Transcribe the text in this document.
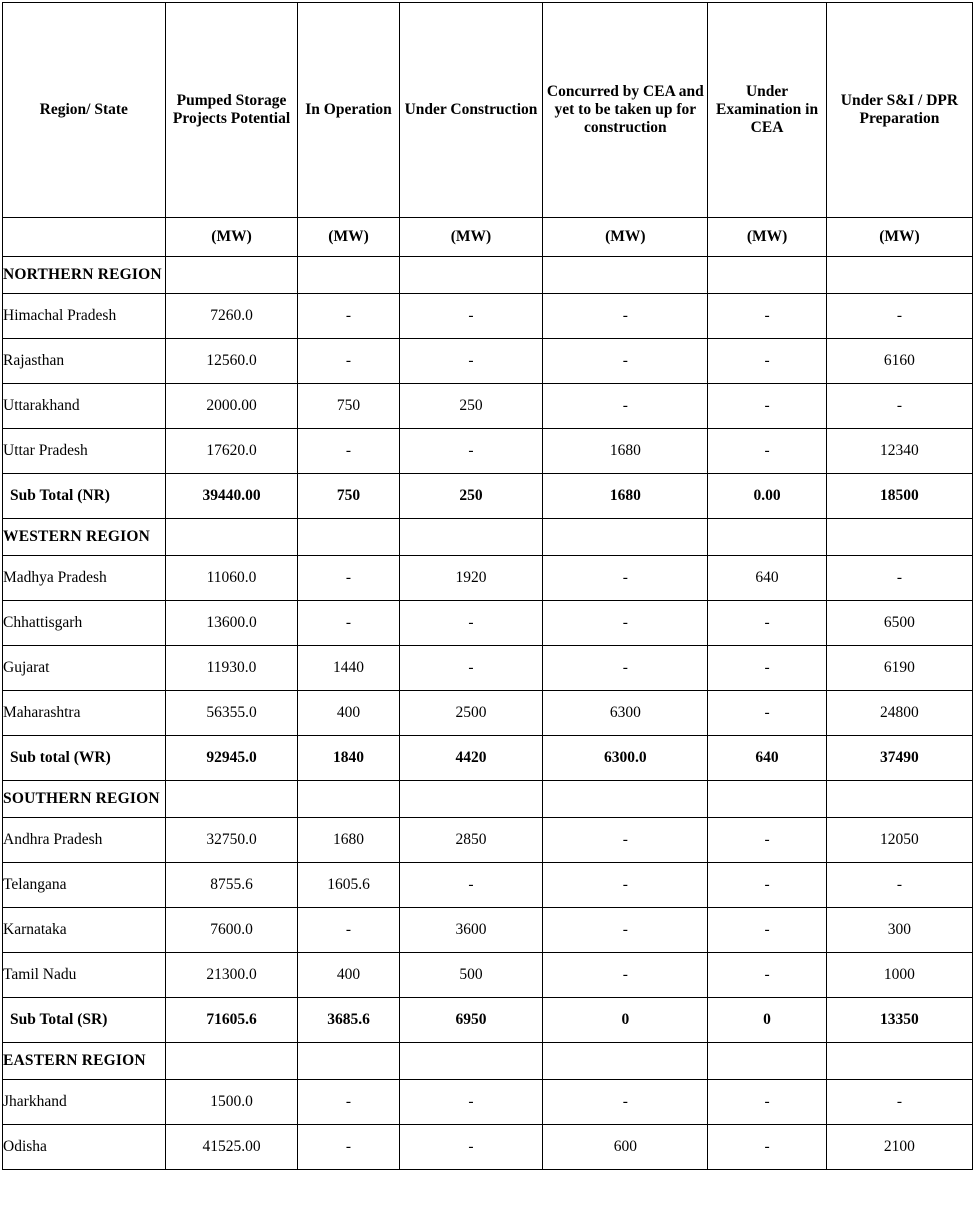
Region/ State	Pumped Storage Projects Potential	In Operation	Under Construction	Concurred by CEA and yet to be taken up for construction	Under Examination in CEA	Under S&I / DPR Preparation
	(MW)	(MW)	(MW)	(MW)	(MW)	(MW)
NORTHERN REGION						
Himachal Pradesh	7260.0	-	-	-	-	-
Rajasthan	12560.0	-	-	-	-	6160
Uttarakhand	2000.00	750	250	-	-	-
Uttar Pradesh	17620.0	-	-	1680	-	12340
Sub Total (NR)	39440.00	750	250	1680	0.00	18500
WESTERN REGION						
Madhya Pradesh	11060.0	-	1920	-	640	-
Chhattisgarh	13600.0	-	-	-	-	6500
Gujarat	11930.0	1440	-	-	-	6190
Maharashtra	56355.0	400	2500	6300	-	24800
Sub total (WR)	92945.0	1840	4420	6300.0	640	37490
SOUTHERN REGION						
Andhra Pradesh	32750.0	1680	2850	-	-	12050
Telangana	8755.6	1605.6	-	-	-	-
Karnataka	7600.0	-	3600	-	-	300
Tamil Nadu	21300.0	400	500	-	-	1000
Sub Total (SR)	71605.6	3685.6	6950	0	0	13350
EASTERN REGION						
Jharkhand	1500.0	-	-	-	-	-
Odisha	41525.00	-	-	600	-	2100
